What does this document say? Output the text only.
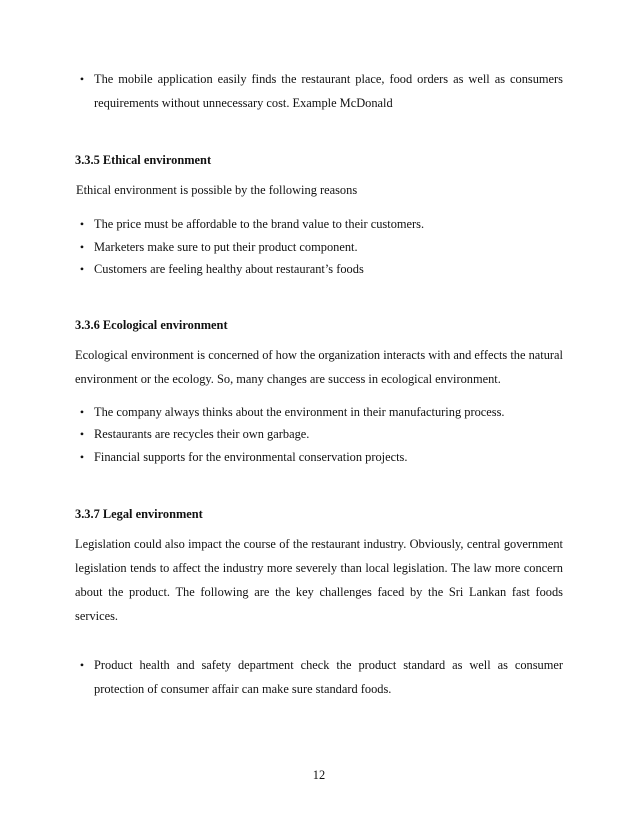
• The mobile application easily finds the restaurant place, food orders as well as consumers requirements without unnecessary cost. Example McDonald
3.3.5 Ethical environment
Ethical environment is possible by the following reasons
• The price must be affordable to the brand value to their customers.
• Marketers make sure to put their product component.
• Customers are feeling healthy about restaurant’s foods
3.3.6 Ecological environment
Ecological environment is concerned of how the organization interacts with and effects the natural environment or the ecology. So, many changes are success in ecological environment.
• The company always thinks about the environment in their manufacturing process.
• Restaurants are recycles their own garbage.
• Financial supports for the environmental conservation projects.
3.3.7 Legal environment
Legislation could also impact the course of the restaurant industry. Obviously, central government legislation tends to affect the industry more severely than local legislation. The law more concern about the product. The following are the key challenges faced by the Sri Lankan fast foods services.
• Product health and safety department check the product standard as well as consumer protection of consumer affair can make sure standard foods.
12
